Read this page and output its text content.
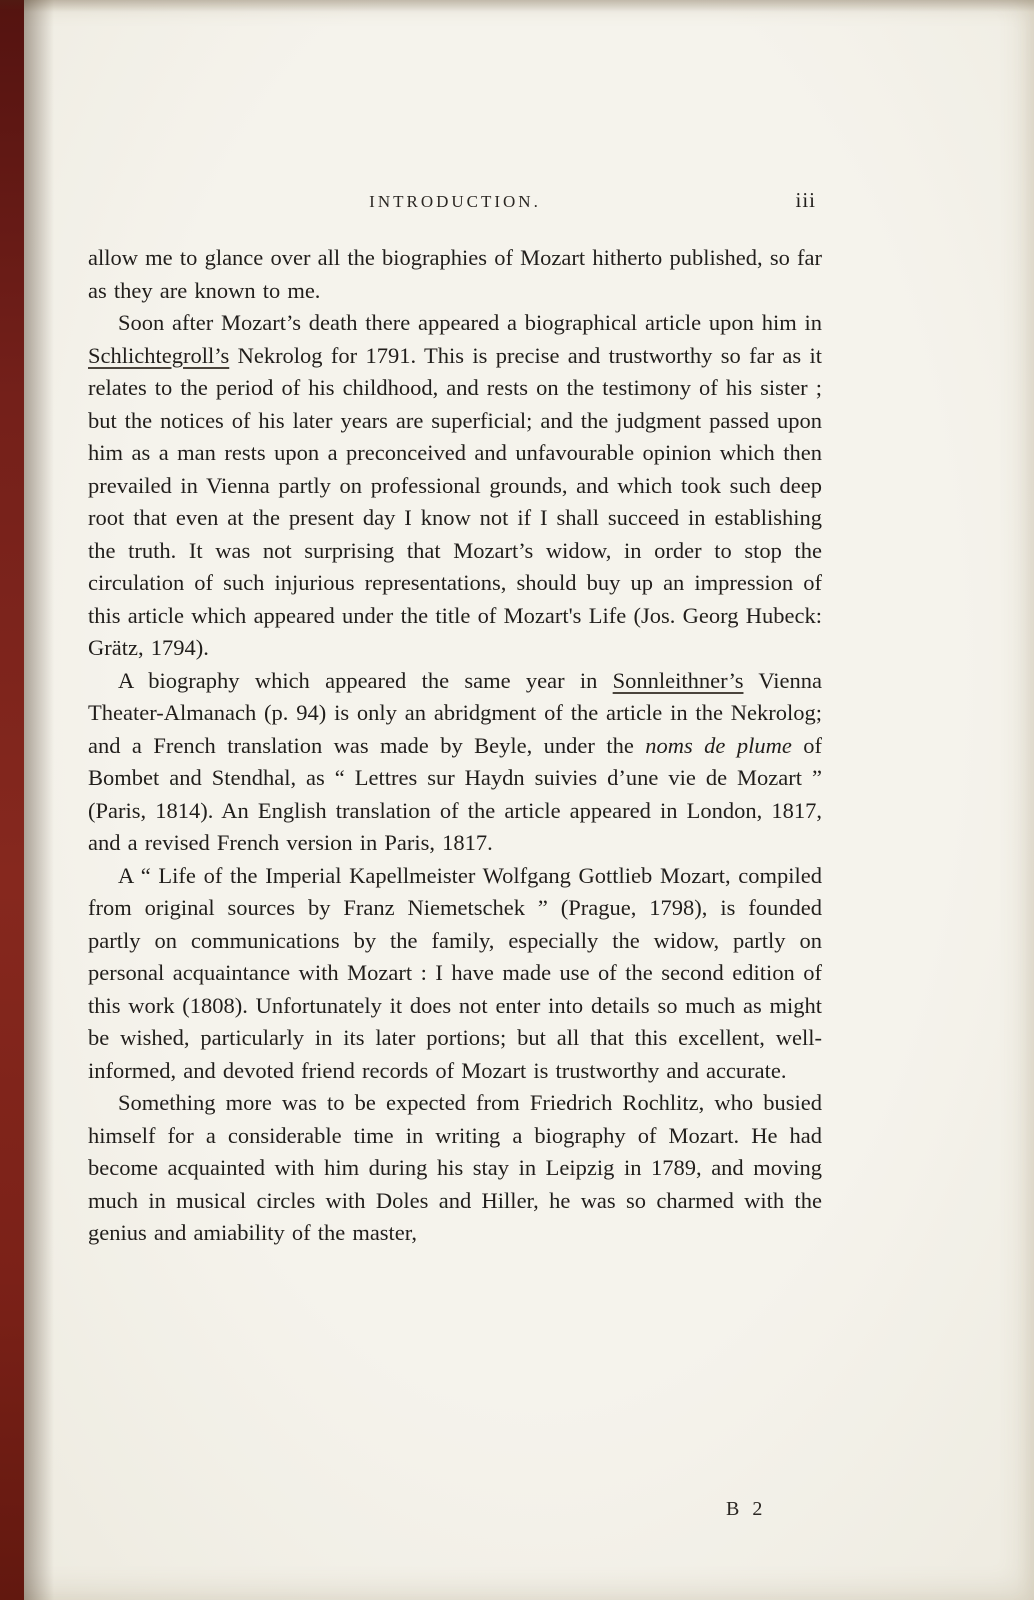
INTRODUCTION.	iii

allow me to glance over all the biographies of Mozart hitherto published, so far as they are known to me.

Soon after Mozart’s death there appeared a biographical article upon him in Schlichtegroll’s Nekrolog for 1791. This is precise and trustworthy so far as it relates to the period of his childhood, and rests on the testimony of his sister ; but the notices of his later years are superficial; and the judgment passed upon him as a man rests upon a preconceived and unfavourable opinion which then prevailed in Vienna partly on professional grounds, and which took such deep root that even at the present day I know not if I shall succeed in establishing the truth. It was not surprising that Mozart’s widow, in order to stop the circulation of such injurious representations, should buy up an impression of this article which appeared under the title of Mozart's Life (Jos. Georg Hubeck: Grätz, 1794).

A biography which appeared the same year in Sonnleithner’s Vienna Theater-Almanach (p. 94) is only an abridgment of the article in the Nekrolog; and a French translation was made by Beyle, under the noms de plume of Bombet and Stendhal, as “ Lettres sur Haydn suivies d’une vie de Mozart ” (Paris, 1814). An English translation of the article appeared in London, 1817, and a revised French version in Paris, 1817.

A “ Life of the Imperial Kapellmeister Wolfgang Gottlieb Mozart, compiled from original sources by Franz Niemetschek ” (Prague, 1798), is founded partly on communications by the family, especially the widow, partly on personal acquaintance with Mozart : I have made use of the second edition of this work (1808). Unfortunately it does not enter into details so much as might be wished, particularly in its later portions; but all that this excellent, well-informed, and devoted friend records of Mozart is trustworthy and accurate.

Something more was to be expected from Friedrich Rochlitz, who busied himself for a considerable time in writing a biography of Mozart. He had become acquainted with him during his stay in Leipzig in 1789, and moving much in musical circles with Doles and Hiller, he was so charmed with the genius and amiability of the master,

B 2
